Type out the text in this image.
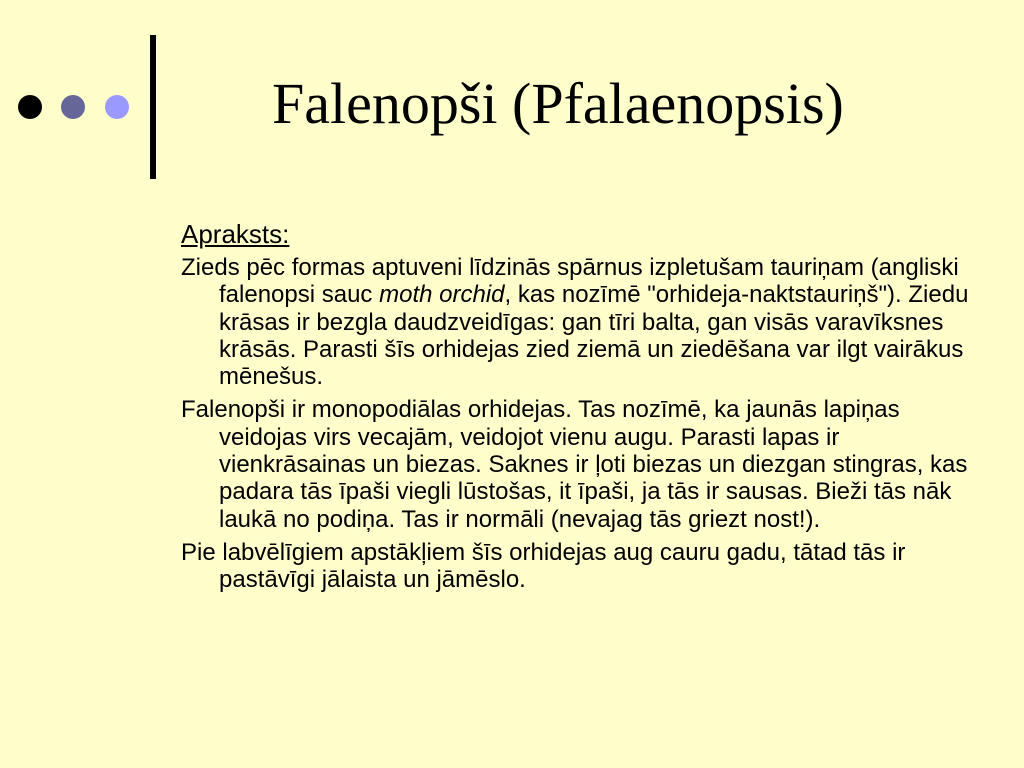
Falenopši (Pfalaenopsis)
Apraksts:

Zieds pēc formas aptuveni līdzinās spārnus izpletušam tauriņam (angliski falenopsi sauc moth orchid, kas nozīmē "orhideja-naktstauriņš"). Ziedu krāsas ir bezgla daudzveidīgas: gan tīri balta, gan visās varavīksnes krāsās. Parasti šīs orhidejas zied ziemā un ziedēšana var ilgt vairākus mēnešus.

Falenopši ir monopodiālas orhidejas. Tas nozīmē, ka jaunās lapiņas veidojas virs vecajām, veidojot vienu augu. Parasti lapas ir vienkrāsainas un biezas. Saknes ir ļoti biezas un diezgan stingras, kas padara tās īpaši viegli lūstošas, it īpaši, ja tās ir sausas. Bieži tās nāk laukā no podiņa. Tas ir normāli (nevajag tās griezt nost!).

Pie labvēlīgiem apstākļiem šīs orhidejas aug cauru gadu, tātad tās ir pastāvīgi jālaista un jāmēslo.
